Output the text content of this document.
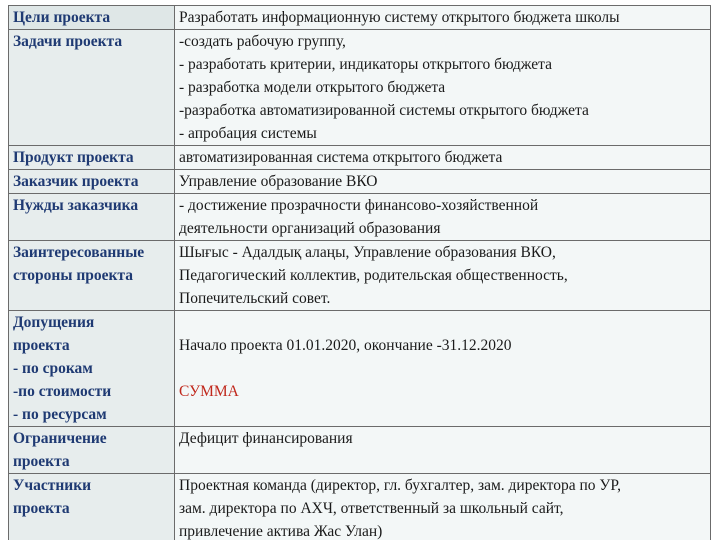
Цели проекта	Разработать информационную систему открытого бюджета школы

Задачи проекта	-создать рабочую группу,
- разработать критерии, индикаторы открытого бюджета
- разработка модели открытого бюджета
-разработка автоматизированной системы открытого бюджета
- апробация системы

Продукт проекта	автоматизированная система открытого бюджета

Заказчик проекта	Управление образование ВКО

Нужды заказчика	- достижение прозрачности финансово-хозяйственной
деятельности организаций образования

Заинтересованные
стороны проекта	Шығыс - Адалдық алаңы, Управление образования ВКО,
Педагогический коллектив, родительская общественность,
Попечительский совет.

Допущения
проекта
- по срокам
-по стоимости
- по ресурсам	Начало проекта 01.01.2020, окончание -31.12.2020
СУММА

Ограничение
проекта	Дефицит финансирования

Участники
проекта	Проектная команда (директор, гл. бухгалтер, зам. директора по УР,
зам. директора по АХЧ, ответственный за школьный сайт,
привлечение актива Жас Улан)
